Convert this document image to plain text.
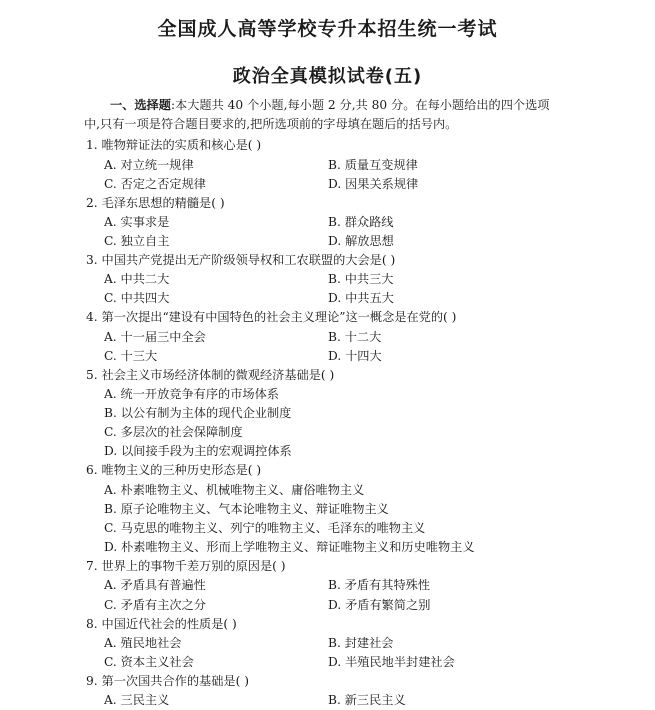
全国成人高等学校专升本招生统一考试
政治全真模拟试卷(五)
一、选择题:本大题共 40 个小题,每小题 2 分,共 80 分。在每小题给出的四个选项
中,只有一项是符合题目要求的,把所选项前的字母填在题后的括号内。
1. 唯物辩证法的实质和核心是( )
A. 对立统一规律	B. 质量互变规律
C. 否定之否定规律	D. 因果关系规律
2. 毛泽东思想的精髓是( )
A. 实事求是	B. 群众路线
C. 独立自主	D. 解放思想
3. 中国共产党提出无产阶级领导权和工农联盟的大会是( )
A. 中共二大	B. 中共三大
C. 中共四大	D. 中共五大
4. 第一次提出“建设有中国特色的社会主义理论”这一概念是在党的( )
A. 十一届三中全会	B. 十二大
C. 十三大	D. 十四大
5. 社会主义市场经济体制的微观经济基础是( )
A. 统一开放竞争有序的市场体系
B. 以公有制为主体的现代企业制度
C. 多层次的社会保障制度
D. 以间接手段为主的宏观调控体系
6. 唯物主义的三种历史形态是( )
A. 朴素唯物主义、机械唯物主义、庸俗唯物主义
B. 原子论唯物主义、气本论唯物主义、辩证唯物主义
C. 马克思的唯物主义、列宁的唯物主义、毛泽东的唯物主义
D. 朴素唯物主义、形而上学唯物主义、辩证唯物主义和历史唯物主义
7. 世界上的事物千差万别的原因是( )
A. 矛盾具有普遍性	B. 矛盾有其特殊性
C. 矛盾有主次之分	D. 矛盾有繁简之别
8. 中国近代社会的性质是( )
A. 殖民地社会	B. 封建社会
C. 资本主义社会	D. 半殖民地半封建社会
9. 第一次国共合作的基础是( )
A. 三民主义	B. 新三民主义
